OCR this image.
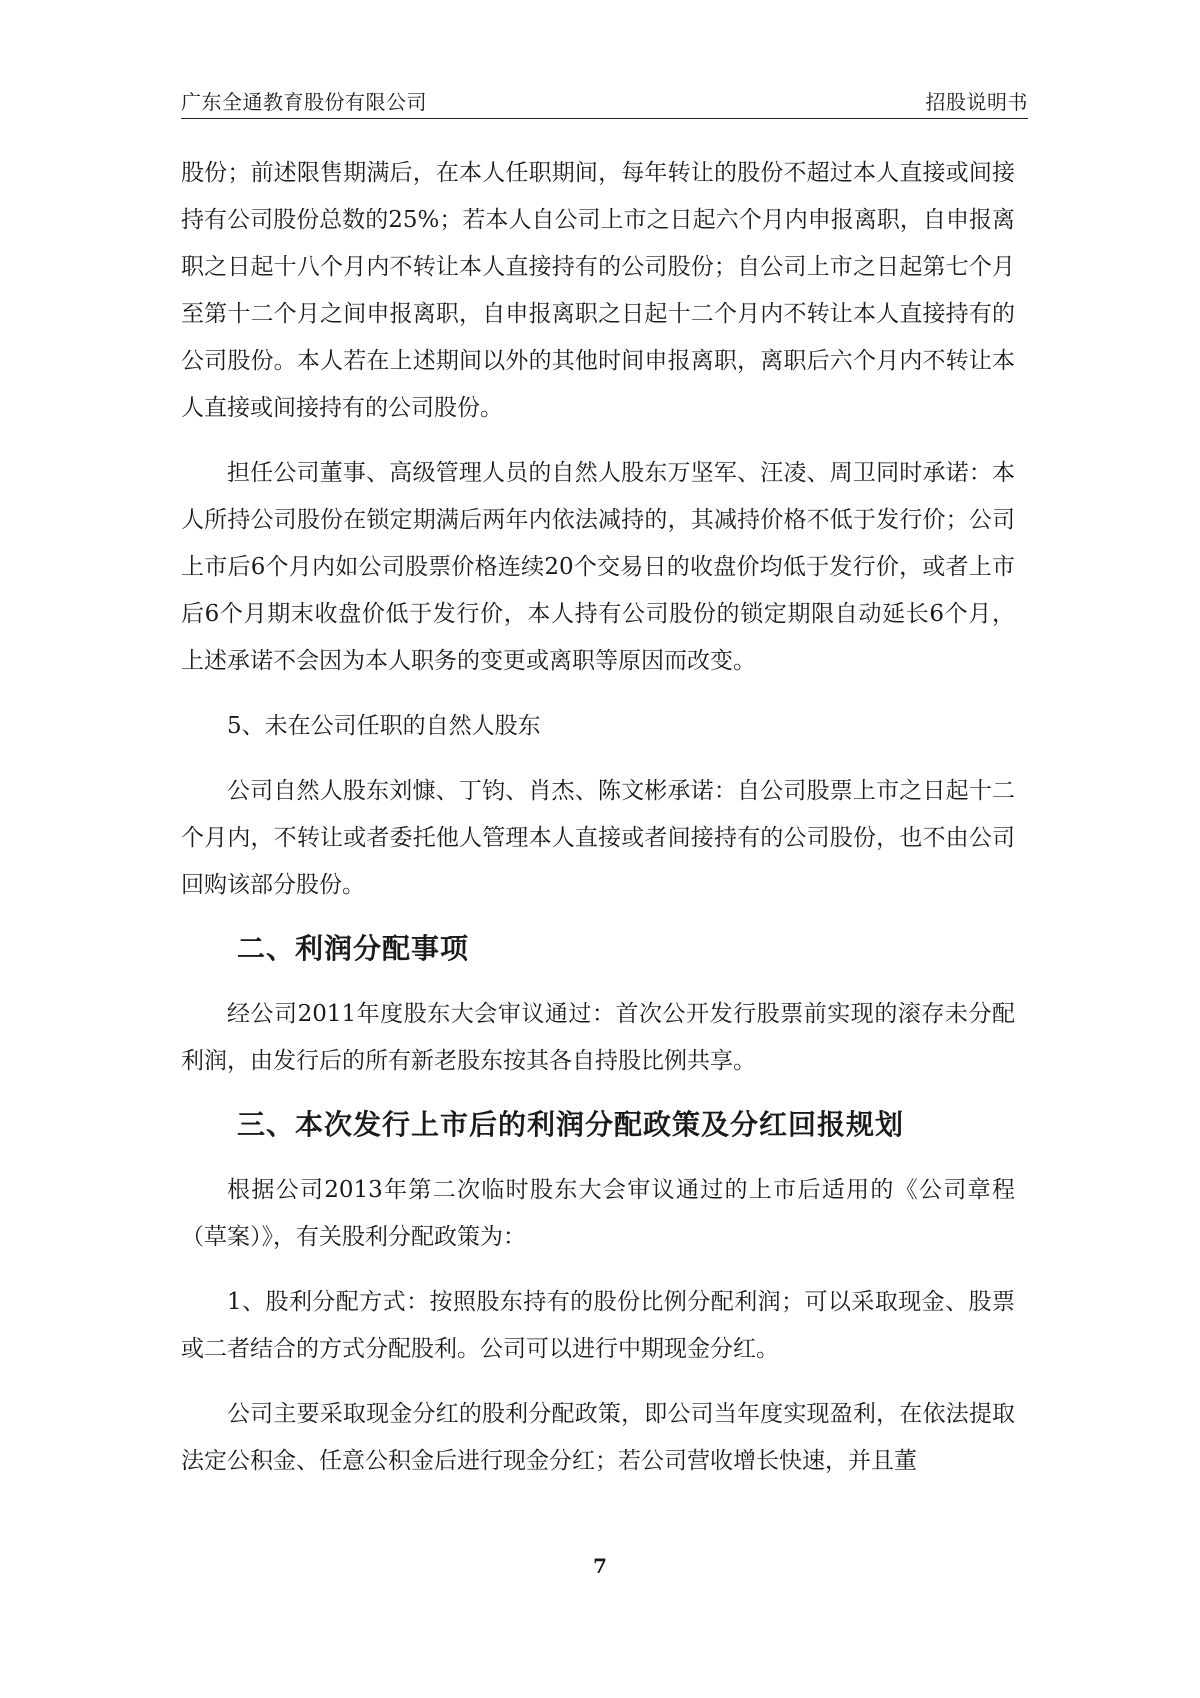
广东全通教育股份有限公司	招股说明书

股份；前述限售期满后，在本人任职期间，每年转让的股份不超过本人直接或间接持有公司股份总数的25%；若本人自公司上市之日起六个月内申报离职，自申报离职之日起十八个月内不转让本人直接持有的公司股份；自公司上市之日起第七个月至第十二个月之间申报离职，自申报离职之日起十二个月内不转让本人直接持有的公司股份。本人若在上述期间以外的其他时间申报离职，离职后六个月内不转让本人直接或间接持有的公司股份。

担任公司董事、高级管理人员的自然人股东万坚军、汪凌、周卫同时承诺：本人所持公司股份在锁定期满后两年内依法减持的，其减持价格不低于发行价；公司上市后6个月内如公司股票价格连续20个交易日的收盘价均低于发行价，或者上市后6个月期末收盘价低于发行价，本人持有公司股份的锁定期限自动延长6个月，上述承诺不会因为本人职务的变更或离职等原因而改变。

5、未在公司任职的自然人股东

公司自然人股东刘慷、丁钧、肖杰、陈文彬承诺：自公司股票上市之日起十二个月内，不转让或者委托他人管理本人直接或者间接持有的公司股份，也不由公司回购该部分股份。

二、利润分配事项

经公司2011年度股东大会审议通过：首次公开发行股票前实现的滚存未分配利润，由发行后的所有新老股东按其各自持股比例共享。

三、本次发行上市后的利润分配政策及分红回报规划

根据公司2013年第二次临时股东大会审议通过的上市后适用的《公司章程（草案）》，有关股利分配政策为：

1、股利分配方式：按照股东持有的股份比例分配利润；可以采取现金、股票或二者结合的方式分配股利。公司可以进行中期现金分红。

公司主要采取现金分红的股利分配政策，即公司当年度实现盈利，在依法提取法定公积金、任意公积金后进行现金分红；若公司营收增长快速，并且董

7
